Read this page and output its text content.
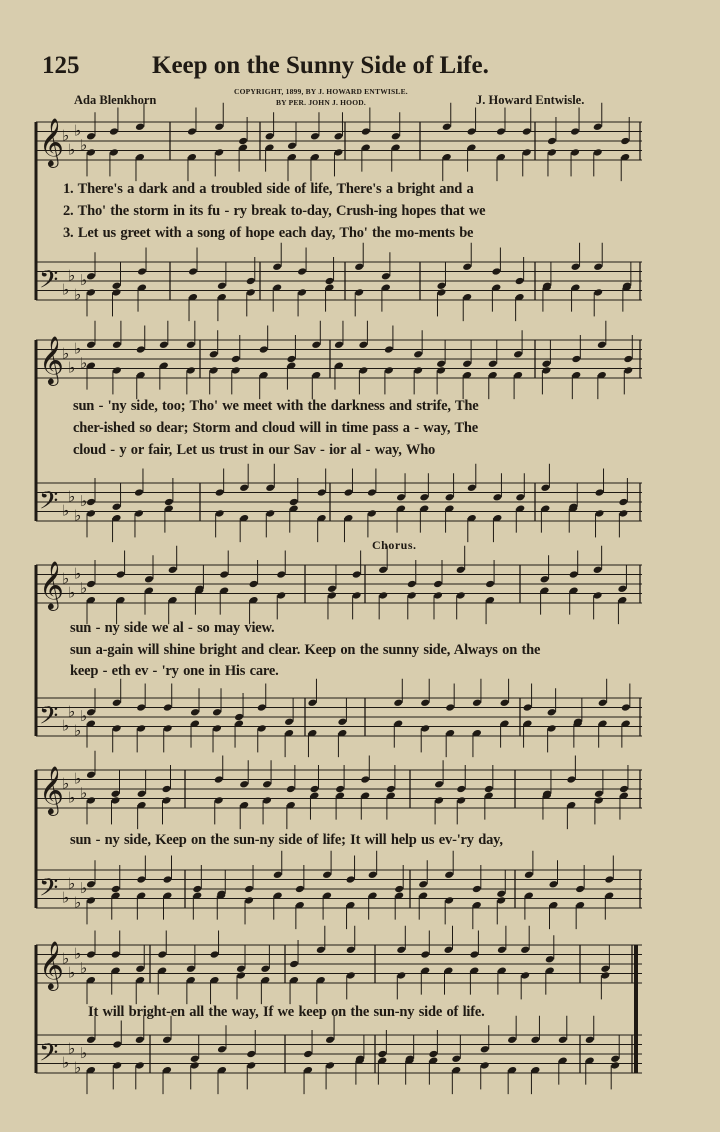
125	Keep on the Sunny Side of Life.
Ada Blenkhorn
COPYRIGHT, 1899, BY J. HOWARD ENTWISLE.
BY PER. JOHN J. HOOD.	J. Howard Entwisle.
𝄞
♭
♭
♭
♭
𝄢 ♭
♭
♭
♭
𝄞
♭
♭
♭
♭
𝄢 ♭
♭
♭
♭
𝄞
♭
♭
♭
♭
𝄢 ♭
♭
♭
♭
𝄞
♭
♭
♭
♭
𝄢 ♭
♭
♭
♭
𝄞
♭
♭
♭
♭
𝄢 ♭
♭
♭
♭
1. There's a dark and a troubled side of life, There's a bright and a
2. Tho' the storm in its fu - ry break to-day, Crush-ing hopes that we
3. Let us greet with a song of hope each day, Tho' the mo-ments be
sun - 'ny side, too; Tho' we meet with the darkness and strife, The
cher-ished so dear; Storm and cloud will in time pass a - way, The
cloud - y or fair, Let us trust in our Sav - ior al - way, Who
Chorus.
sun - ny side we al - so may view.
sun a-gain will shine bright and clear. Keep on the sunny side, Always on the
keep - eth ev - 'ry one in His care.
sun - ny side, Keep on the sun-ny side of life; It will help us ev-'ry day,
It will bright-en all the way, If we keep on the sun-ny side of life.
